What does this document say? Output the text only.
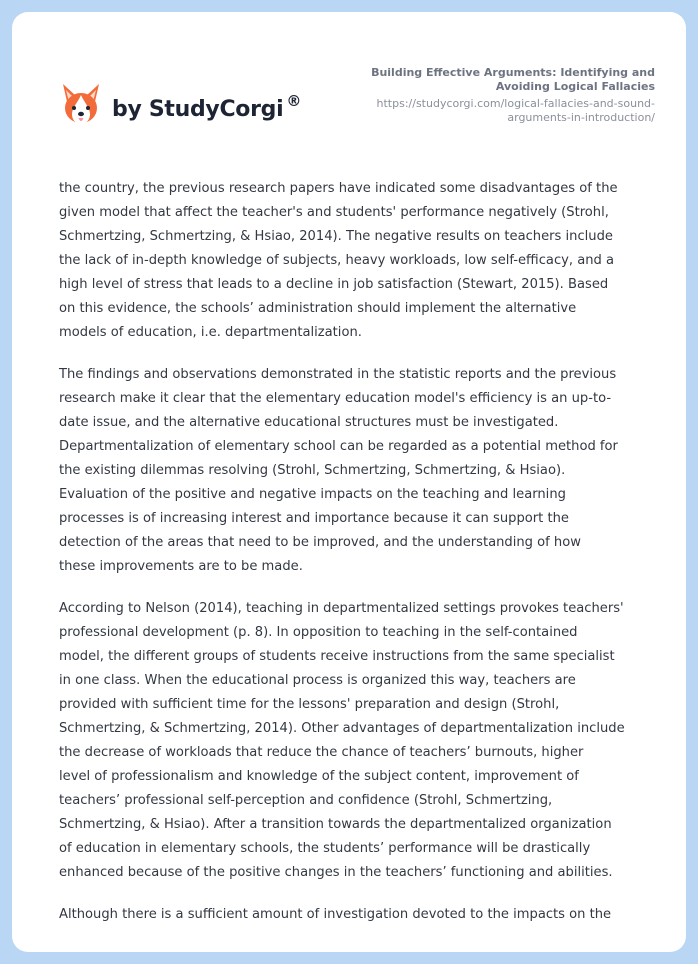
by StudyCorgi ®
Building Effective Arguments: Identifying and Avoiding Logical Fallacies
https://studycorgi.com/logical-fallacies-and-sound-arguments-in-introduction/

the country, the previous research papers have indicated some disadvantages of the
given model that affect the teacher's and students' performance negatively (Strohl,
Schmertzing, Schmertzing, & Hsiao, 2014). The negative results on teachers include
the lack of in-depth knowledge of subjects, heavy workloads, low self-efficacy, and a
high level of stress that leads to a decline in job satisfaction (Stewart, 2015). Based
on this evidence, the schools’ administration should implement the alternative
models of education, i.e. departmentalization.

The findings and observations demonstrated in the statistic reports and the previous
research make it clear that the elementary education model's efficiency is an up-to-
date issue, and the alternative educational structures must be investigated.
Departmentalization of elementary school can be regarded as a potential method for
the existing dilemmas resolving (Strohl, Schmertzing, Schmertzing, & Hsiao).
Evaluation of the positive and negative impacts on the teaching and learning
processes is of increasing interest and importance because it can support the
detection of the areas that need to be improved, and the understanding of how
these improvements are to be made.

According to Nelson (2014), teaching in departmentalized settings provokes teachers'
professional development (p. 8). In opposition to teaching in the self-contained
model, the different groups of students receive instructions from the same specialist
in one class. When the educational process is organized this way, teachers are
provided with sufficient time for the lessons' preparation and design (Strohl,
Schmertzing, & Schmertzing, 2014). Other advantages of departmentalization include
the decrease of workloads that reduce the chance of teachers’ burnouts, higher
level of professionalism and knowledge of the subject content, improvement of
teachers’ professional self-perception and confidence (Strohl, Schmertzing,
Schmertzing, & Hsiao). After a transition towards the departmentalized organization
of education in elementary schools, the students’ performance will be drastically
enhanced because of the positive changes in the teachers’ functioning and abilities.

Although there is a sufficient amount of investigation devoted to the impacts on the
